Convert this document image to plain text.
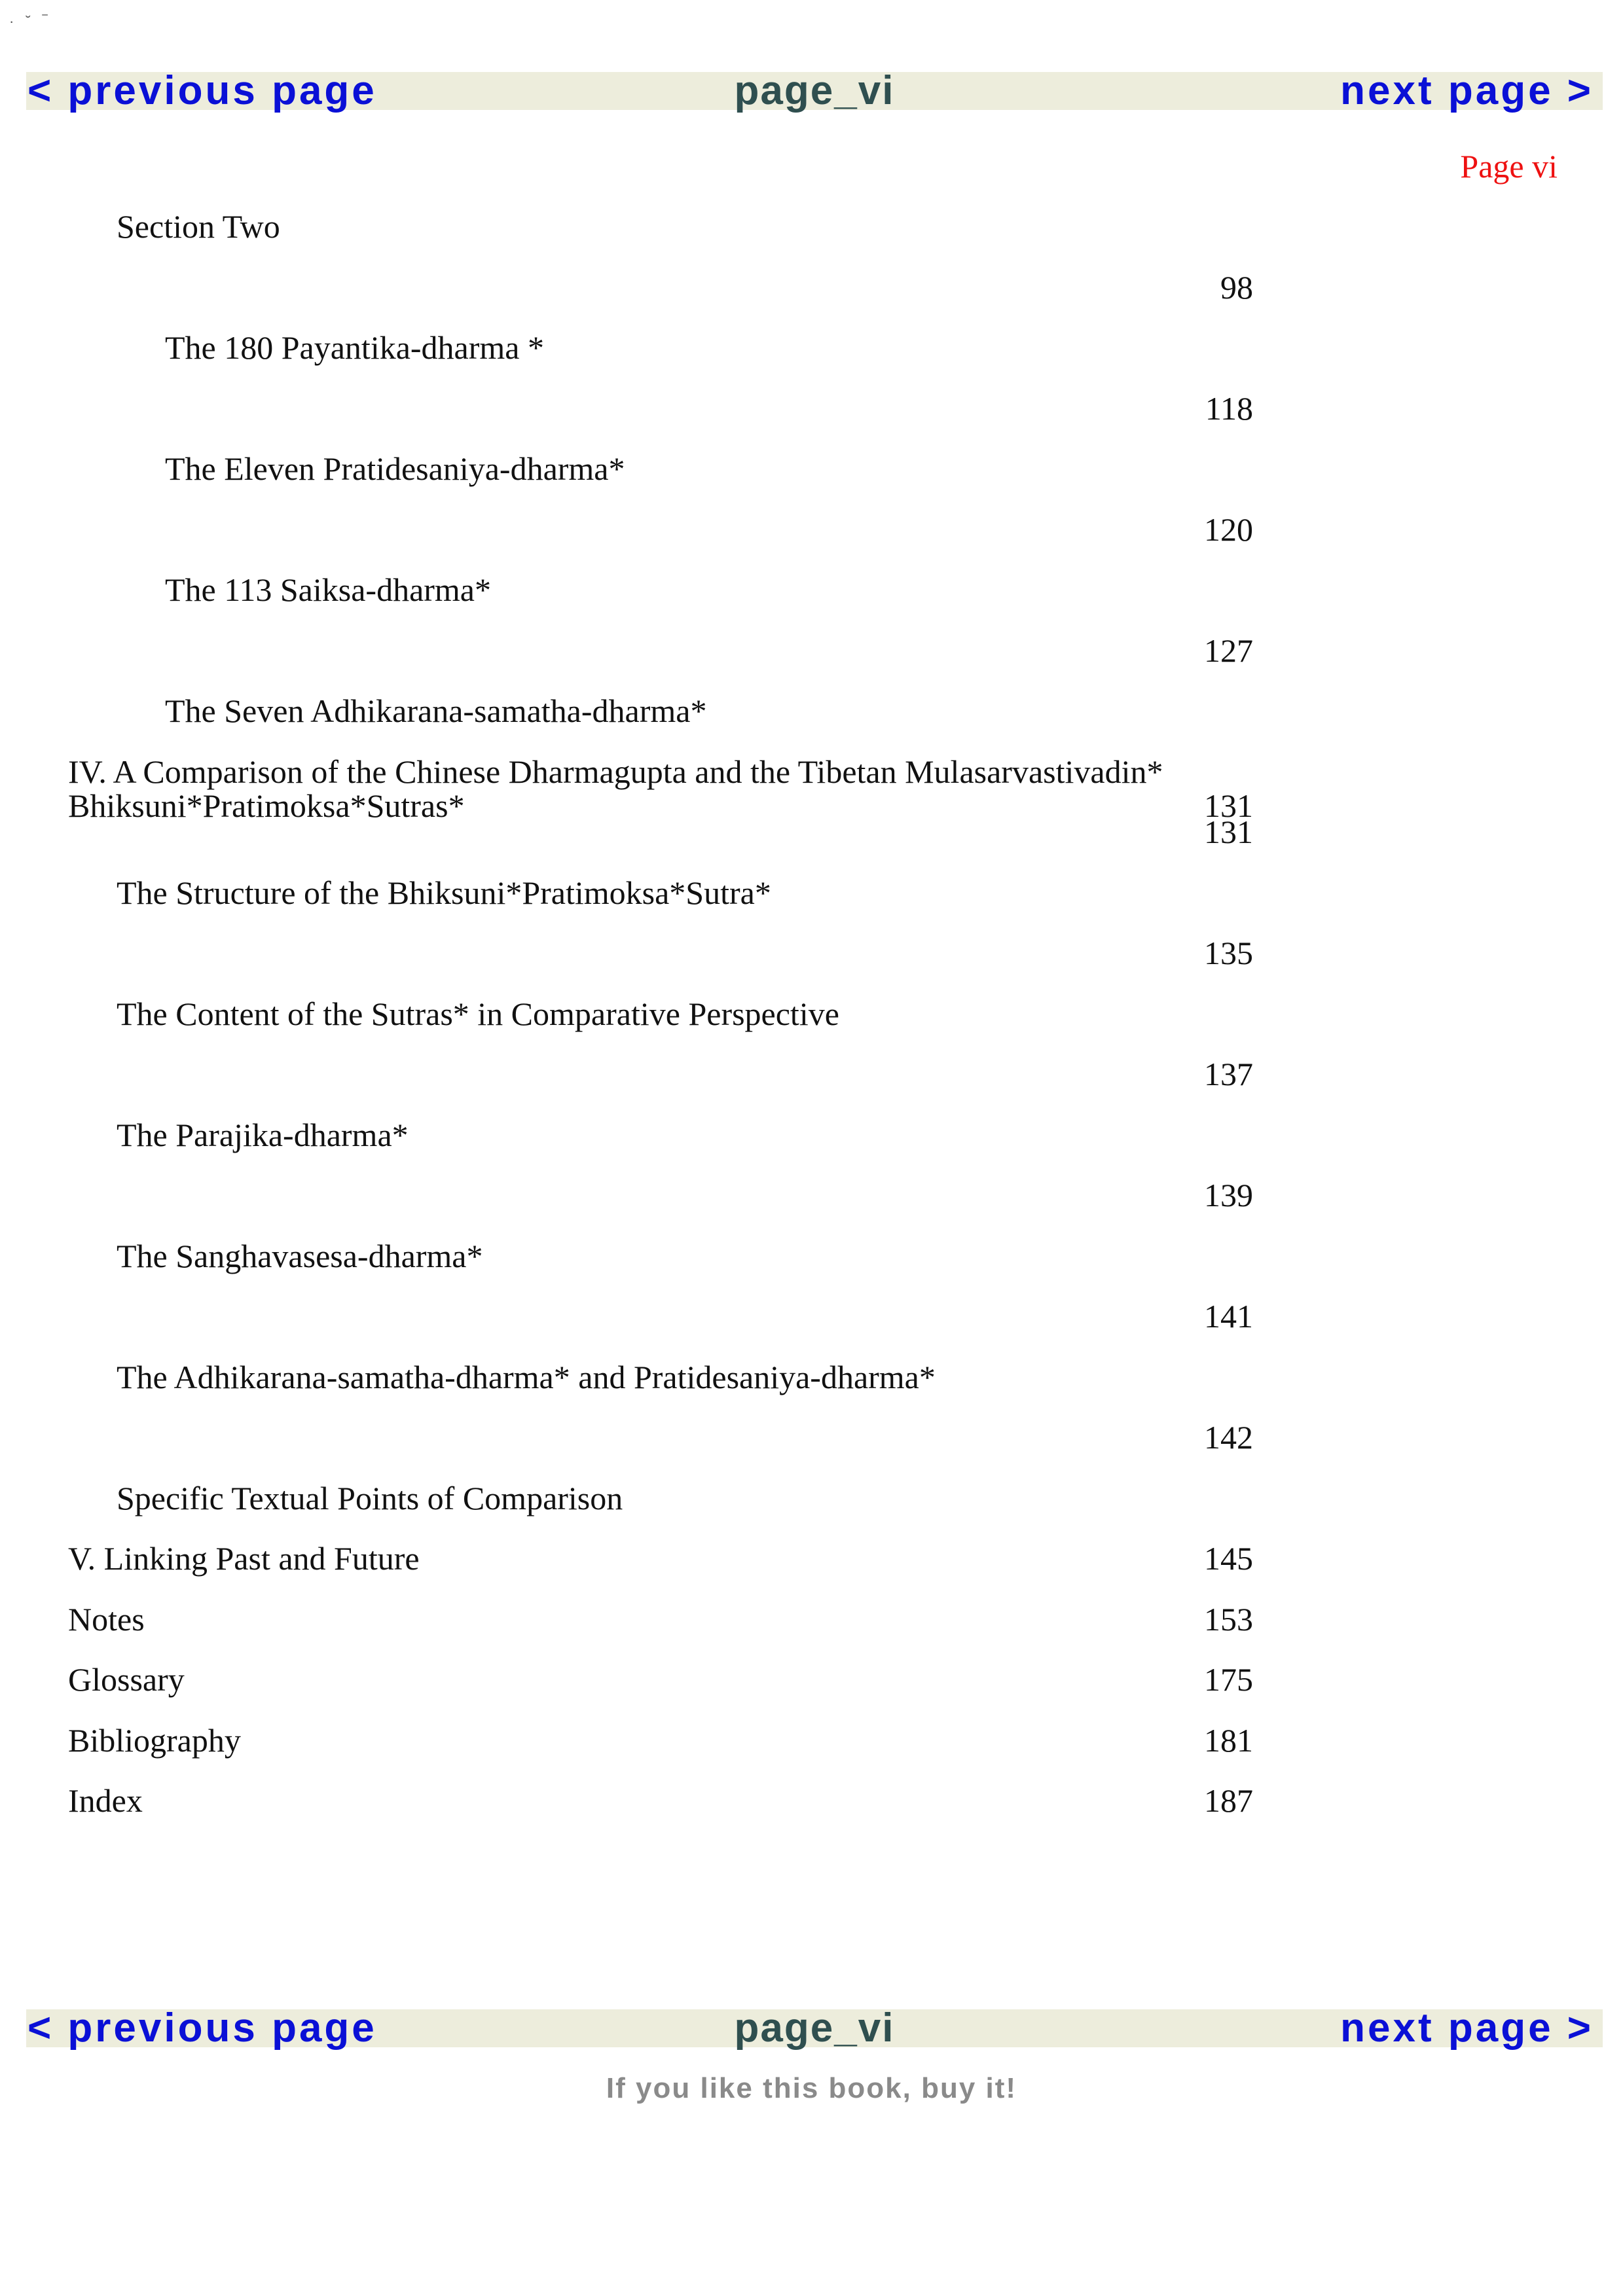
· ˘ ‾
< previous page	page_vi	next page >
Page vi
Section Two
98
The 180 Payantika-dharma *
118
The Eleven Pratidesaniya-dharma*
120
The 113 Saiksa-dharma*
127
The Seven Adhikarana-samatha-dharma*
IV. A Comparison of the Chinese Dharmagupta and the Tibetan Mulasarvastivadin*
Bhiksuni*Pratimoksa*Sutras*	131
131
The Structure of the Bhiksuni*Pratimoksa*Sutra*
135
The Content of the Sutras* in Comparative Perspective
137
The Parajika-dharma*
139
The Sanghavasesa-dharma*
141
The Adhikarana-samatha-dharma* and Pratidesaniya-dharma*
142
Specific Textual Points of Comparison
V. Linking Past and Future	145
Notes	153
Glossary	175
Bibliography	181
Index	187
< previous page	page_vi	next page >
If you like this book, buy it!
